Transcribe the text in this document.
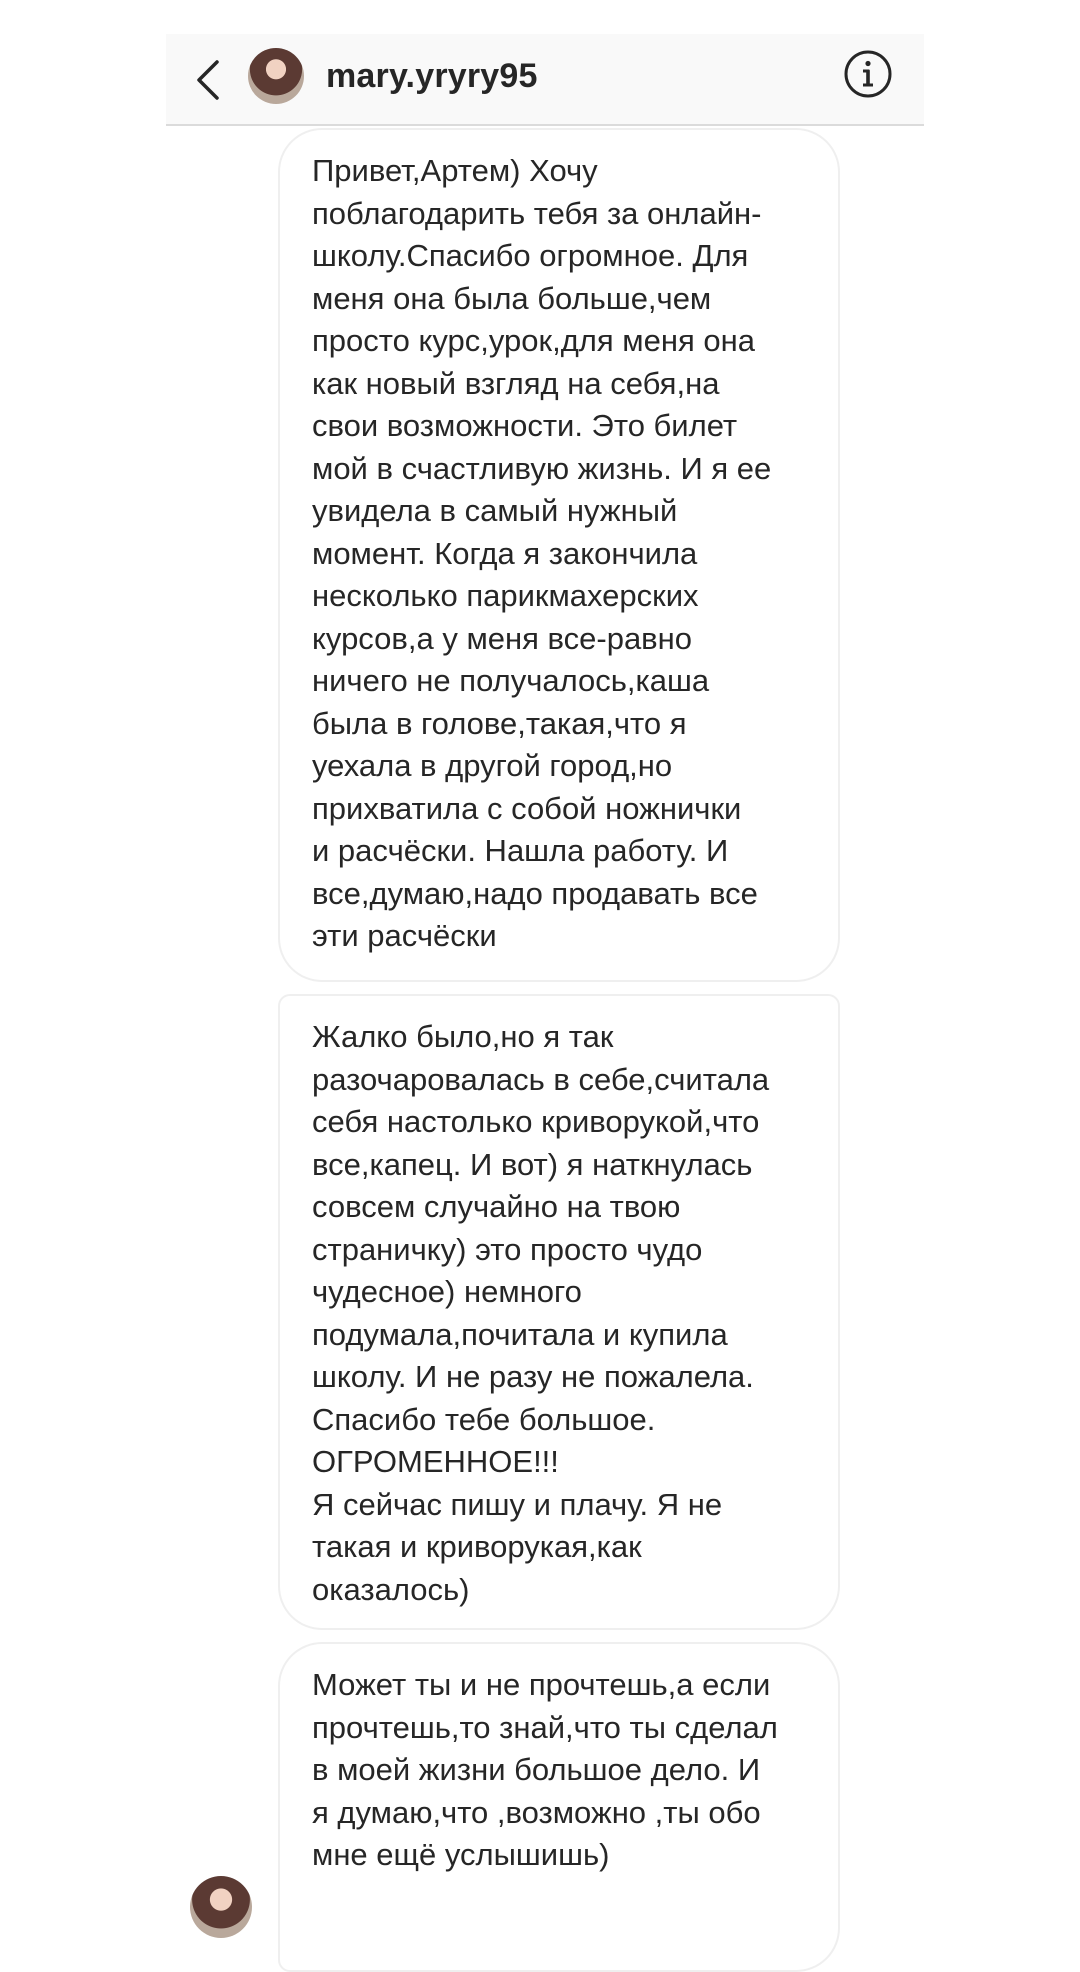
mary.yryry95

Привет,Артем) Хочу
поблагодарить тебя за онлайн-
школу.Спасибо огромное. Для
меня она была больше,чем
просто курс,урок,для меня она
как новый взгляд на себя,на
свои возможности. Это билет
мой в счастливую жизнь. И я ее
увидела в самый нужный
момент. Когда я закончила
несколько парикмахерских
курсов,а у меня все-равно
ничего не получалось,каша
была в голове,такая,что я
уехала в другой город,но
прихватила с собой ножнички
и расчёски. Нашла работу. И
все,думаю,надо продавать все
эти расчёски

Жалко было,но я так
разочаровалась в себе,считала
себя настолько криворукой,что
все,капец. И вот) я наткнулась
совсем случайно на твою
страничку) это просто чудо
чудесное) немного
подумала,почитала и купила
школу. И не разу не пожалела.
Спасибо тебе большое.
ОГРОМЕННОЕ!!!
Я сейчас пишу и плачу. Я не
такая и криворукая,как
оказалось)

Может ты и не прочтешь,а если
прочтешь,то знай,что ты сделал
в моей жизни большое дело. И
я думаю,что ,возможно ,ты обо
мне ещё услышишь)
